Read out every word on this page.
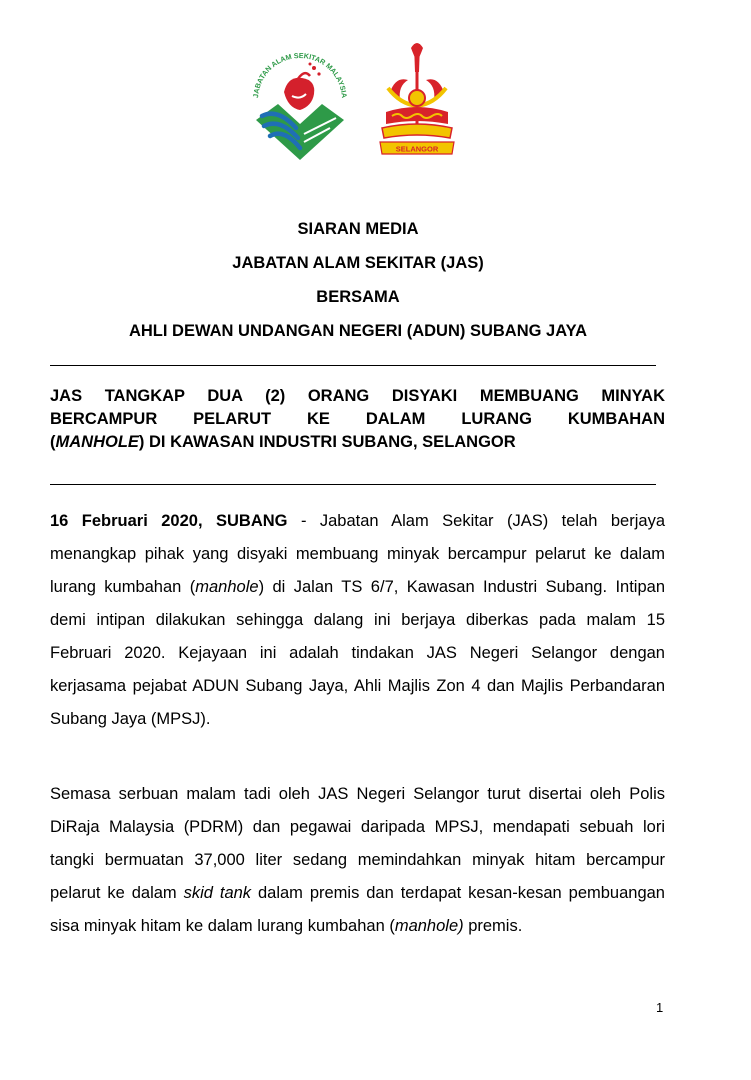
JABATAN ALAM SEKITAR MALAYSIA
SELANGOR
SIARAN MEDIA
JABATAN ALAM SEKITAR (JAS)
BERSAMA
AHLI DEWAN UNDANGAN NEGERI (ADUN) SUBANG JAYA
JAS TANGKAP DUA (2) ORANG DISYAKI MEMBUANG MINYAK
BERCAMPUR PELARUT KE DALAM LURANG KUMBAHAN
(MANHOLE) DI KAWASAN INDUSTRI SUBANG, SELANGOR

16 Februari 2020, SUBANG - Jabatan Alam Sekitar (JAS) telah berjaya menangkap pihak yang disyaki membuang minyak bercampur pelarut ke dalam lurang kumbahan (manhole) di Jalan TS 6/7, Kawasan Industri Subang. Intipan demi intipan dilakukan sehingga dalang ini berjaya diberkas pada malam 15 Februari 2020. Kejayaan ini adalah tindakan JAS Negeri Selangor dengan kerjasama pejabat ADUN Subang Jaya, Ahli Majlis Zon 4 dan Majlis Perbandaran Subang Jaya (MPSJ).

Semasa serbuan malam tadi oleh JAS Negeri Selangor turut disertai oleh Polis DiRaja Malaysia (PDRM) dan pegawai daripada MPSJ, mendapati sebuah lori tangki bermuatan 37,000 liter sedang memindahkan minyak hitam bercampur pelarut ke dalam skid tank dalam premis dan terdapat kesan-kesan pembuangan sisa minyak hitam ke dalam lurang kumbahan (manhole) premis.

1
